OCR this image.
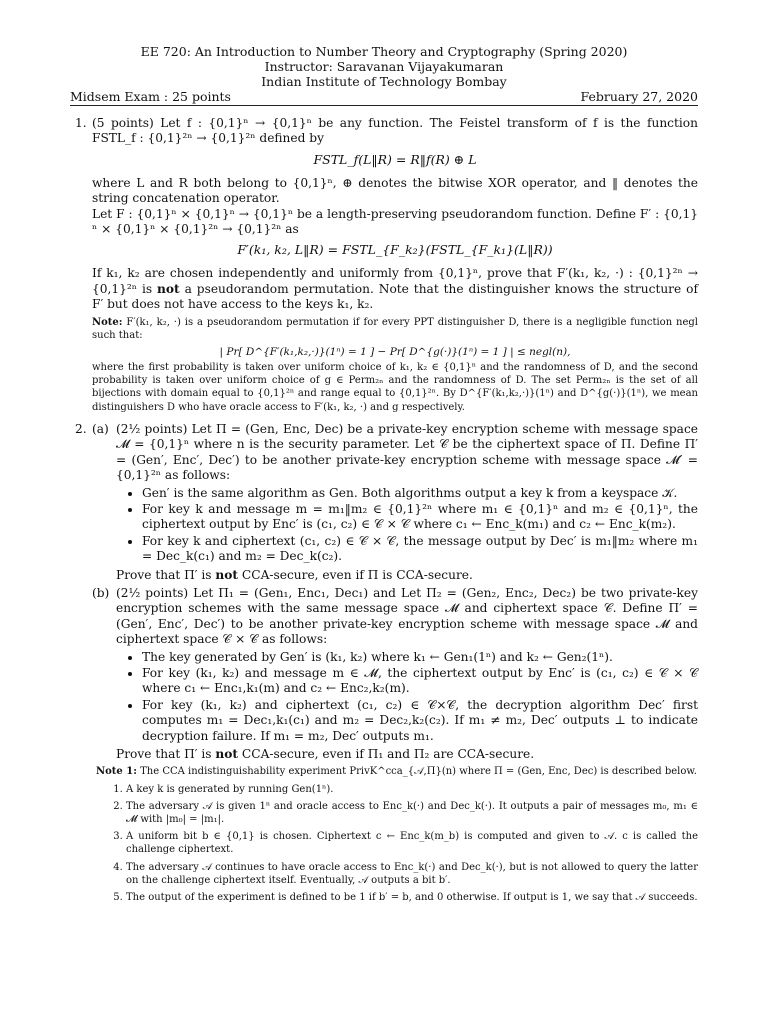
EE 720: An Introduction to Number Theory and Cryptography (Spring 2020)
Instructor: Saravanan Vijayakumaran
Indian Institute of Technology Bombay
Midsem Exam : 25 points	February 27, 2020
1. (5 points) Let f : {0,1}ⁿ → {0,1}ⁿ be any function. The Feistel transform of f is the function FSTL_f : {0,1}²ⁿ → {0,1}²ⁿ defined by

FSTL_f(L‖R) = R‖f(R) ⊕ L

where L and R both belong to {0,1}ⁿ, ⊕ denotes the bitwise XOR operator, and ‖ denotes the string concatenation operator.

Let F : {0,1}ⁿ × {0,1}ⁿ → {0,1}ⁿ be a length-preserving pseudorandom function. Define F′ : {0,1}ⁿ × {0,1}ⁿ × {0,1}²ⁿ → {0,1}²ⁿ as

F′(k₁, k₂, L‖R) = FSTL_{F_k₂}(FSTL_{F_k₁}(L‖R))

If k₁, k₂ are chosen independently and uniformly from {0,1}ⁿ, prove that F′(k₁, k₂, ·) : {0,1}²ⁿ → {0,1}²ⁿ is not a pseudorandom permutation. Note that the distinguisher knows the structure of F′ but does not have access to the keys k₁, k₂.

Note: F′(k₁, k₂, ·) is a pseudorandom permutation if for every PPT distinguisher D, there is a negligible function negl such that:

| Pr[ D^{F′(k₁,k₂,·)}(1ⁿ) = 1 ] − Pr[ D^{g(·)}(1ⁿ) = 1 ] | ≤ negl(n),

where the first probability is taken over uniform choice of k₁, k₂ ∈ {0,1}ⁿ and the randomness of D, and the second probability is taken over uniform choice of g ∈ Perm₂ₙ and the randomness of D. The set Perm₂ₙ is the set of all bijections with domain equal to {0,1}²ⁿ and range equal to {0,1}²ⁿ. By D^{F′(k₁,k₂,·)}(1ⁿ) and D^{g(·)}(1ⁿ), we mean distinguishers D who have oracle access to F′(k₁, k₂, ·) and g respectively.

2. (a) (2½ points) Let Π = (Gen, Enc, Dec) be a private-key encryption scheme with message space 𝓜 = {0,1}ⁿ where n is the security parameter. Let 𝒞 be the ciphertext space of Π. Define Π′ = (Gen′, Enc′, Dec′) to be another private-key encryption scheme with message space 𝓜′ = {0,1}²ⁿ as follows:

• Gen′ is the same algorithm as Gen. Both algorithms output a key k from a keyspace 𝒦.
• For key k and message m = m₁‖m₂ ∈ {0,1}²ⁿ where m₁ ∈ {0,1}ⁿ and m₂ ∈ {0,1}ⁿ, the ciphertext output by Enc′ is (c₁, c₂) ∈ 𝒞 × 𝒞 where c₁ ← Enc_k(m₁) and c₂ ← Enc_k(m₂).
• For key k and ciphertext (c₁, c₂) ∈ 𝒞 × 𝒞, the message output by Dec′ is m₁‖m₂ where m₁ = Dec_k(c₁) and m₂ = Dec_k(c₂).

Prove that Π′ is not CCA-secure, even if Π is CCA-secure.

(b) (2½ points) Let Π₁ = (Gen₁, Enc₁, Dec₁) and Let Π₂ = (Gen₂, Enc₂, Dec₂) be two private-key encryption schemes with the same message space 𝓜 and ciphertext space 𝒞. Define Π′ = (Gen′, Enc′, Dec′) to be another private-key encryption scheme with message space 𝓜 and ciphertext space 𝒞 × 𝒞 as follows:

• The key generated by Gen′ is (k₁, k₂) where k₁ ← Gen₁(1ⁿ) and k₂ ← Gen₂(1ⁿ).
• For key (k₁, k₂) and message m ∈ 𝓜, the ciphertext output by Enc′ is (c₁, c₂) ∈ 𝒞 × 𝒞 where c₁ ← Enc₁,k₁(m) and c₂ ← Enc₂,k₂(m).
• For key (k₁, k₂) and ciphertext (c₁, c₂) ∈ 𝒞×𝒞, the decryption algorithm Dec′ first computes m₁ = Dec₁,k₁(c₁) and m₂ = Dec₂,k₂(c₂). If m₁ ≠ m₂, Dec′ outputs ⊥ to indicate decryption failure. If m₁ = m₂, Dec′ outputs m₁.

Prove that Π′ is not CCA-secure, even if Π₁ and Π₂ are CCA-secure.

Note 1: The CCA indistinguishability experiment PrivK^cca_{𝒜,Π}(n) where Π = (Gen, Enc, Dec) is described below.

1. A key k is generated by running Gen(1ⁿ).
2. The adversary 𝒜 is given 1ⁿ and oracle access to Enc_k(·) and Dec_k(·). It outputs a pair of messages m₀, m₁ ∈ 𝓜 with |m₀| = |m₁|.
3. A uniform bit b ∈ {0,1} is chosen. Ciphertext c ← Enc_k(m_b) is computed and given to 𝒜. c is called the challenge ciphertext.
4. The adversary 𝒜 continues to have oracle access to Enc_k(·) and Dec_k(·), but is not allowed to query the latter on the challenge ciphertext itself. Eventually, 𝒜 outputs a bit b′.
5. The output of the experiment is defined to be 1 if b′ = b, and 0 otherwise. If output is 1, we say that 𝒜 succeeds.
